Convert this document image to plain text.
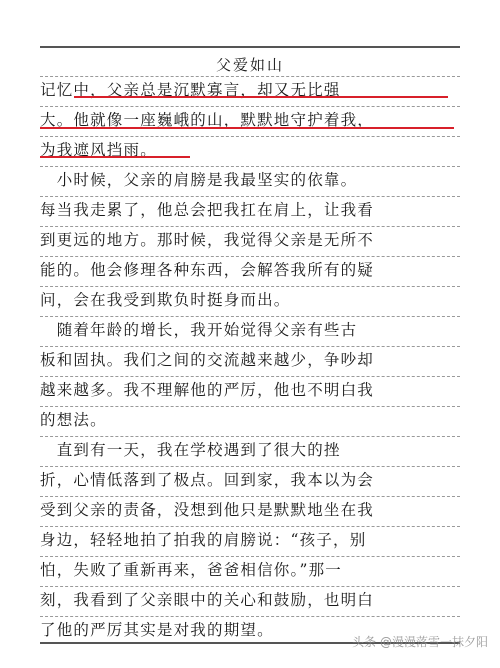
父爱如山
记忆中，父亲总是沉默寡言，却又无比强
大。他就像一座巍峨的山，默默地守护着我，
为我遮风挡雨。
　小时候，父亲的肩膀是我最坚实的依靠。
每当我走累了，他总会把我扛在肩上，让我看
到更远的地方。那时候，我觉得父亲是无所不
能的。他会修理各种东西，会解答我所有的疑
问，会在我受到欺负时挺身而出。
　随着年龄的增长，我开始觉得父亲有些古
板和固执。我们之间的交流越来越少，争吵却
越来越多。我不理解他的严厉，他也不明白我
的想法。
　直到有一天，我在学校遇到了很大的挫
折，心情低落到了极点。回到家，我本以为会
受到父亲的责备，没想到他只是默默地坐在我
身边，轻轻地拍了拍我的肩膀说：“孩子，别
怕，失败了重新再来，爸爸相信你。”那一
刻，我看到了父亲眼中的关心和鼓励，也明白
了他的严厉其实是对我的期望。
头条 @漫漫落雪一抹夕阳
